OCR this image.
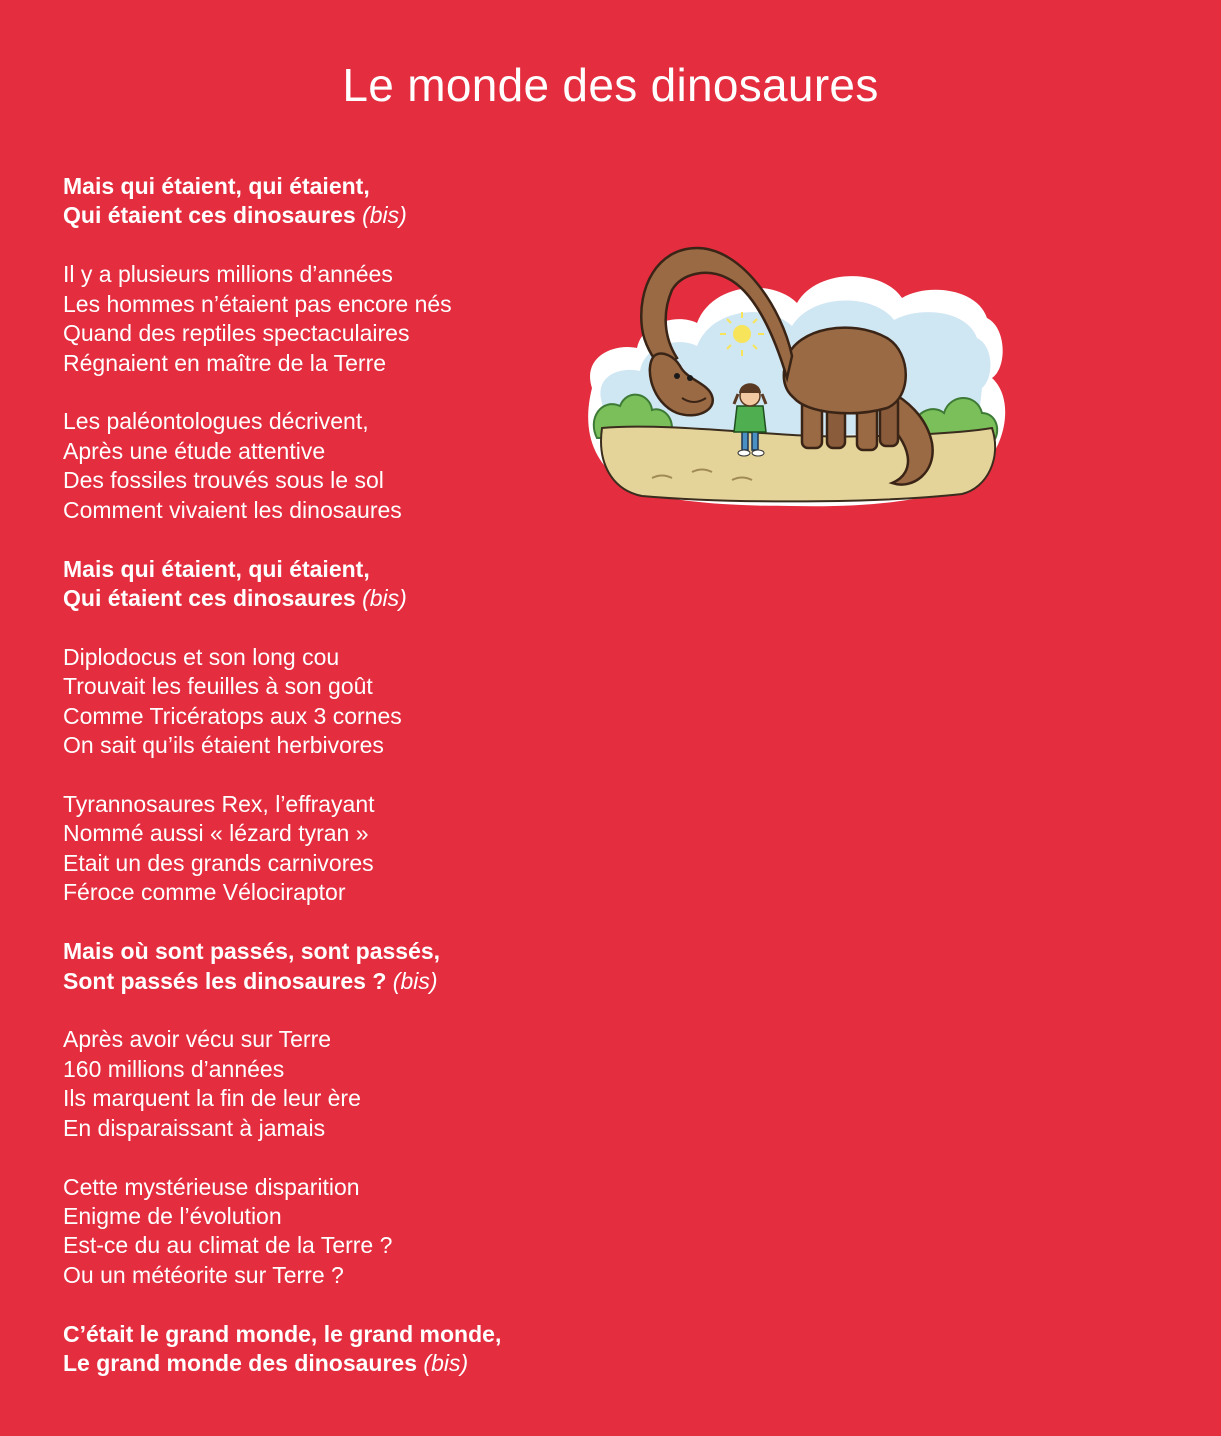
Le monde des dinosaures
Mais qui étaient, qui étaient,
Qui étaient ces dinosaures (bis)
Il y a plusieurs millions d’années
Les hommes n’étaient pas encore nés
Quand des reptiles spectaculaires
Régnaient en maître de la Terre
Les paléontologues décrivent,
Après une étude attentive
Des fossiles trouvés sous le sol
Comment vivaient les dinosaures
Mais qui étaient, qui étaient,
Qui étaient ces dinosaures (bis)
Diplodocus et son long cou
Trouvait les feuilles à son goût
Comme Tricératops aux 3 cornes
On sait qu’ils étaient herbivores
Tyrannosaures Rex, l’effrayant
Nommé aussi « lézard tyran »
Etait un des grands carnivores
Féroce comme Vélociraptor
Mais où sont passés, sont passés,
Sont passés les dinosaures ? (bis)
Après avoir vécu sur Terre
160 millions d’années
Ils marquent la fin de leur ère
En disparaissant à jamais
Cette mystérieuse disparition
Enigme de l’évolution
Est-ce du au climat de la Terre ?
Ou un météorite sur Terre ?
C’était le grand monde, le grand monde,
Le grand monde des dinosaures (bis)
